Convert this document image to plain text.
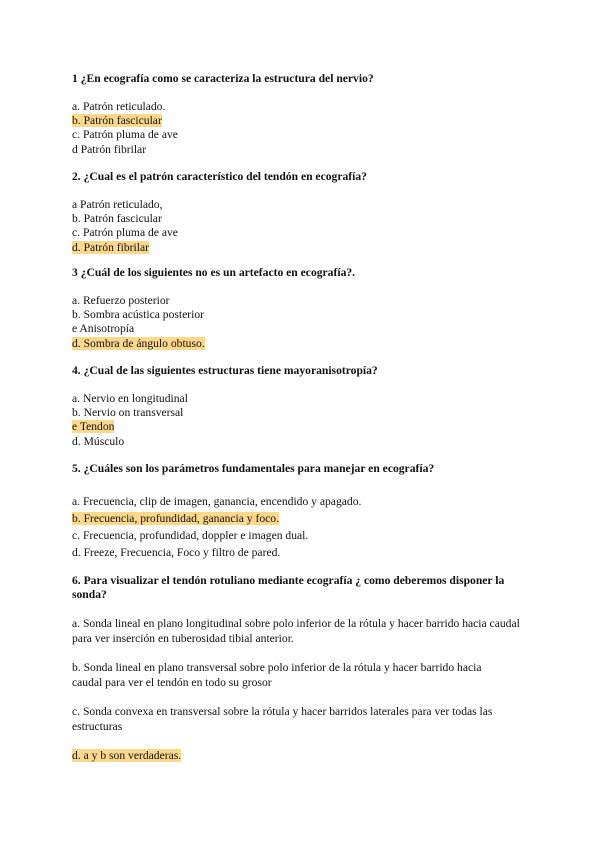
1 ¿En ecografía como se caracteriza la estructura del nervio?

a. Patrón reticulado.
b. Patrón fascicular
c. Patrón pluma de ave
d Patrón fibrilar

2. ¿Cual es el patrón característico del tendón en ecografía?

a Patrón reticulado,
b. Patrón fascicular
c. Patrón pluma de ave
d. Patrón fibrilar

3 ¿Cuál de los siguientes no es un artefacto en ecografía?.

a. Refuerzo posterior
b. Sombra acústica posterior
e Anisotropía
d. Sombra de ángulo obtuso.

4. ¿Cual de las siguientes estructuras tiene mayoranisotropía?

a. Nervio en longitudinal
b. Nervio on transversal
e Tendon
d. Músculo

5. ¿Cuáles son los parámetros fundamentales para manejar en ecografía?

a. Frecuencia, clip de imagen, ganancia, encendido y apagado.
b. Frecuencia, profundidad, ganancia y foco.
c. Frecuencia, profundidad, doppler e imagen dual.
d. Freeze, Frecuencia, Foco y filtro de pared.

6. Para visualizar el tendón rotuliano mediante ecografía ¿ como deberemos disponer la sonda?

a. Sonda lineal en plano longitudinal sobre polo inferior de la rótula y hacer barrido hacia caudal para ver inserción en tuberosidad tibial anterior.
b. Sonda lineal en plano transversal sobre polo inferior de la rótula y hacer barrido hacia caudal para ver el tendón en todo su grosor
c. Sonda convexa en transversal sobre la rótula y hacer barridos laterales para ver todas las estructuras
d. a y b son verdaderas.
